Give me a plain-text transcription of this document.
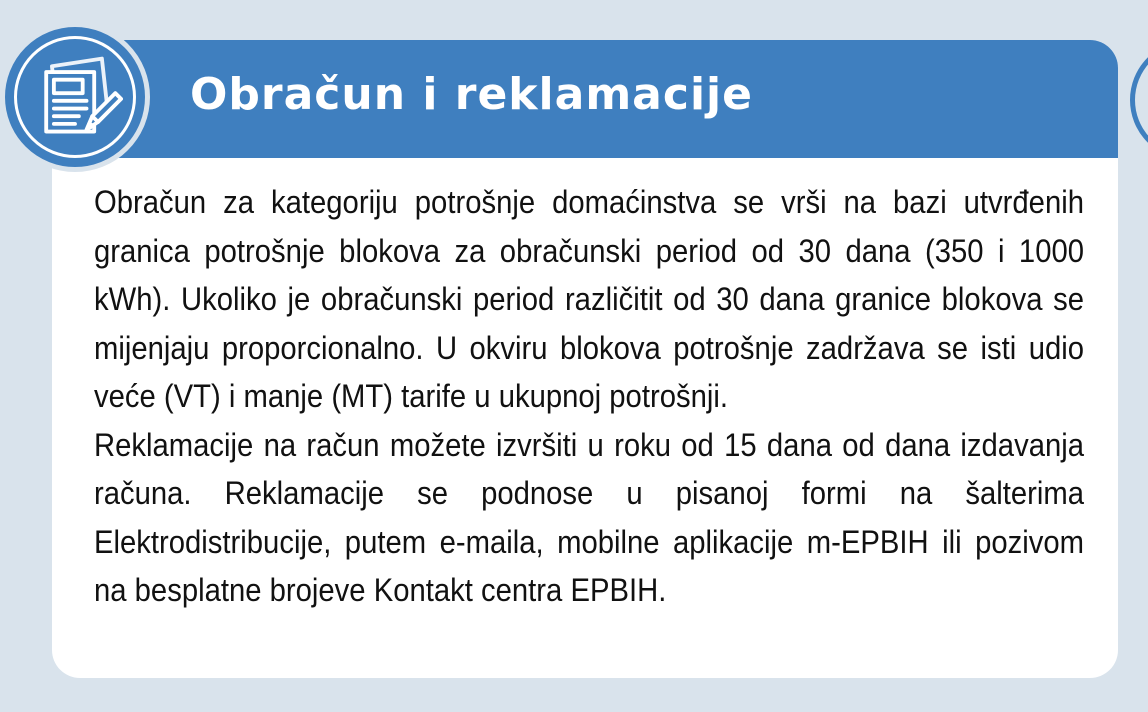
Obračun i reklamacije

Obračun za kategoriju potrošnje domaćinstva se vrši na bazi utvrđenih granica potrošnje blokova za obračunski period od 30 dana (350 i 1000 kWh). Ukoliko je obračunski period različitit od 30 dana granice blokova se mijenjaju proporcionalno. U okviru blokova potrošnje zadržava se isti udio veće (VT) i manje (MT) tarife u ukupnoj potrošnji.

Reklamacije na račun možete izvršiti u roku od 15 dana od dana izdavanja računa. Reklamacije se podnose u pisanoj formi na šalterima Elektrodistribucije, putem e-maila, mobilne aplikacije m-EPBIH ili pozivom na besplatne brojeve Kontakt centra EPBIH.
